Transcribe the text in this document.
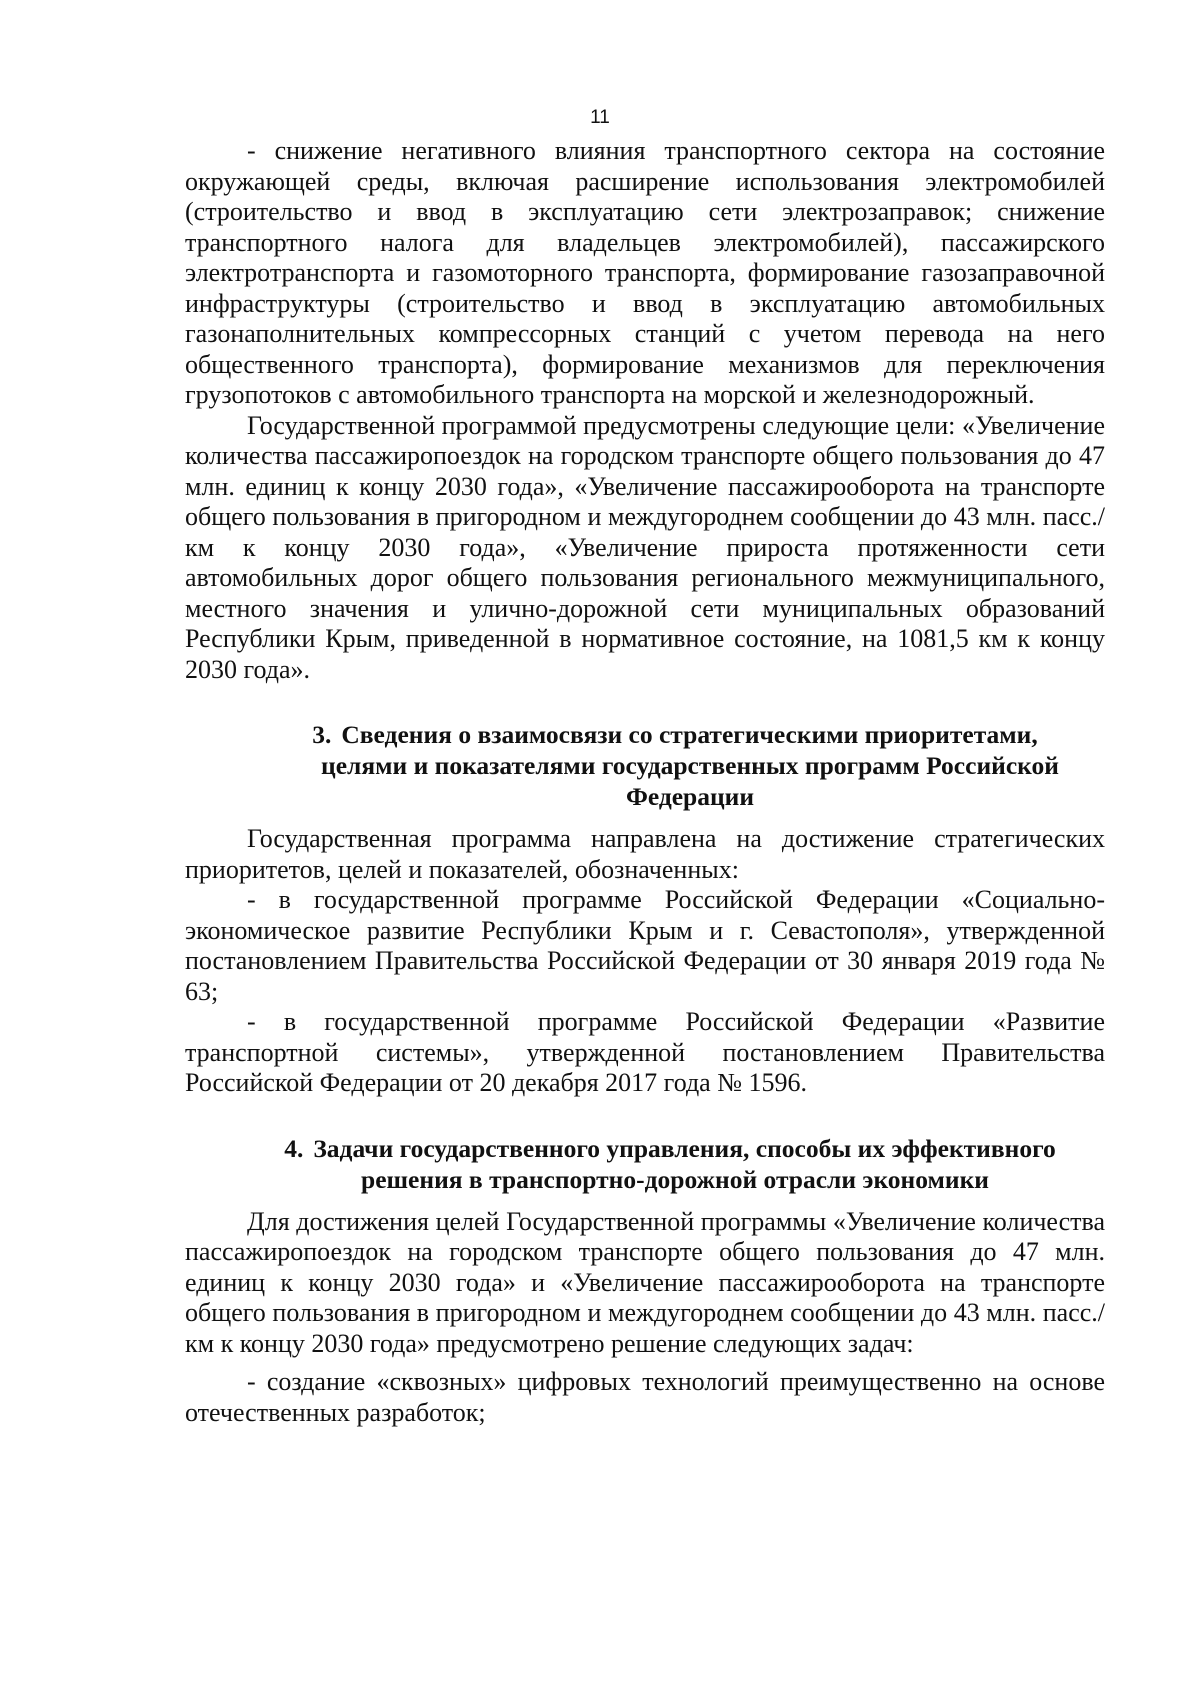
11

- снижение негативного влияния транспортного сектора на состояние окружающей среды, включая расширение использования электромобилей (строительство и ввод в эксплуатацию сети электрозаправок; снижение транспортного налога для владельцев электромобилей), пассажирского электротранспорта и газомоторного транспорта, формирование газозаправочной инфраструктуры (строительство и ввод в эксплуатацию автомобильных газонаполнительных компрессорных станций с учетом перевода на него общественного транспорта), формирование механизмов для переключения грузопотоков с автомобильного транспорта на морской и железнодорожный.

Государственной программой предусмотрены следующие цели: «Увеличение количества пассажиропоездок на городском транспорте общего пользования до 47 млн. единиц к концу 2030 года», «Увеличение пассажирооборота на транспорте общего пользования в пригородном и междугороднем сообщении до 43 млн. пасс./км к концу 2030 года», «Увеличение прироста протяженности сети автомобильных дорог общего пользования регионального межмуниципального, местного значения и улично-дорожной сети муниципальных образований Республики Крым, приведенной в нормативное состояние, на 1081,5 км к концу 2030 года».

3. Сведения о взаимосвязи со стратегическими приоритетами,
целями и показателями государственных программ Российской
Федерации

Государственная программа направлена на достижение стратегических приоритетов, целей и показателей, обозначенных:

- в государственной программе Российской Федерации «Социально-экономическое развитие Республики Крым и г. Севастополя», утвержденной постановлением Правительства Российской Федерации от 30 января 2019 года № 63;

- в государственной программе Российской Федерации «Развитие транспортной системы», утвержденной постановлением Правительства Российской Федерации от 20 декабря 2017 года № 1596.

4. Задачи государственного управления, способы их эффективного
решения в транспортно-дорожной отрасли экономики

Для достижения целей Государственной программы «Увеличение количества пассажиропоездок на городском транспорте общего пользования до 47 млн. единиц к концу 2030 года» и «Увеличение пассажирооборота на транспорте общего пользования в пригородном и междугороднем сообщении до 43 млн. пасс./км к концу 2030 года» предусмотрено решение следующих задач:

- создание «сквозных» цифровых технологий преимущественно на основе отечественных разработок;
